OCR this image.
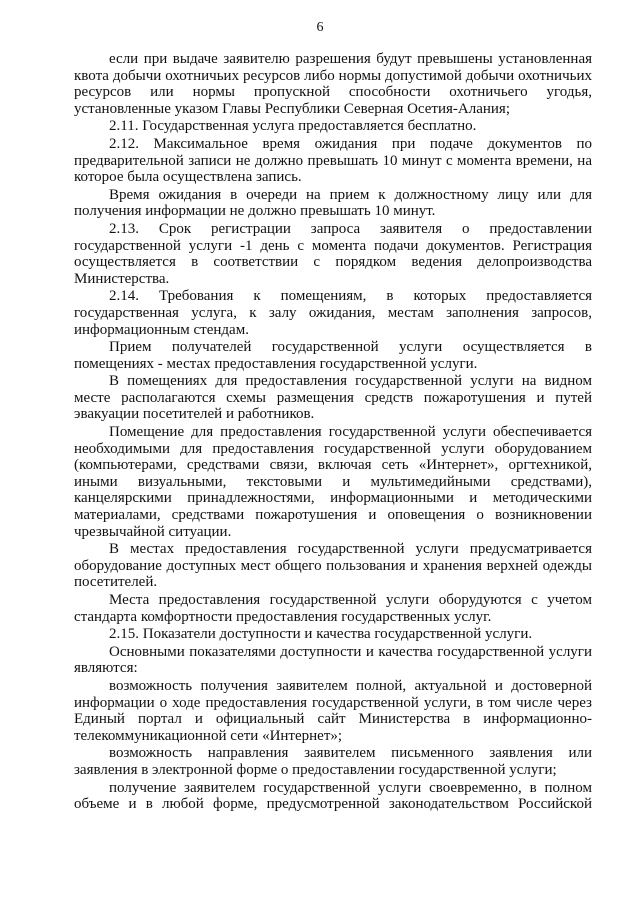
6

если при выдаче заявителю разрешения будут превышены установленная квота добычи охотничьих ресурсов либо нормы допустимой добычи охотничьих ресурсов или нормы пропускной способности охотничьего угодья, установленные указом Главы Республики Северная Осетия-Алания;

2.11. Государственная услуга предоставляется бесплатно.

2.12. Максимальное время ожидания при подаче документов по предварительной записи не должно превышать 10 минут с момента времени, на которое была осуществлена запись.

Время ожидания в очереди на прием к должностному лицу или для получения информации не должно превышать 10 минут.

2.13. Срок регистрации запроса заявителя о предоставлении государственной услуги -1 день с момента подачи документов. Регистрация осуществляется в соответствии с порядком ведения делопроизводства Министерства.

2.14. Требования к помещениям, в которых предоставляется государственная услуга, к залу ожидания, местам заполнения запросов, информационным стендам.

Прием получателей государственной услуги осуществляется в помещениях - местах предоставления государственной услуги.

В помещениях для предоставления государственной услуги на видном месте располагаются схемы размещения средств пожаротушения и путей эвакуации посетителей и работников.

Помещение для предоставления государственной услуги обеспечивается необходимыми для предоставления государственной услуги оборудованием (компьютерами, средствами связи, включая сеть «Интернет», оргтехникой, иными визуальными, текстовыми и мультимедийными средствами), канцелярскими принадлежностями, информационными и методическими материалами, средствами пожаротушения и оповещения о возникновении чрезвычайной ситуации.

В местах предоставления государственной услуги предусматривается оборудование доступных мест общего пользования и хранения верхней одежды посетителей.

Места предоставления государственной услуги оборудуются с учетом стандарта комфортности предоставления государственных услуг.

2.15. Показатели доступности и качества государственной услуги.

Основными показателями доступности и качества государственной услуги являются:

возможность получения заявителем полной, актуальной и достоверной информации о ходе предоставления государственной услуги, в том числе через Единый портал и официальный сайт Министерства в информационно-телекоммуникационной сети «Интернет»;

возможность направления заявителем письменного заявления или заявления в электронной форме о предоставлении государственной услуги;

получение заявителем государственной услуги своевременно, в полном объеме и в любой форме, предусмотренной законодательством Российской
